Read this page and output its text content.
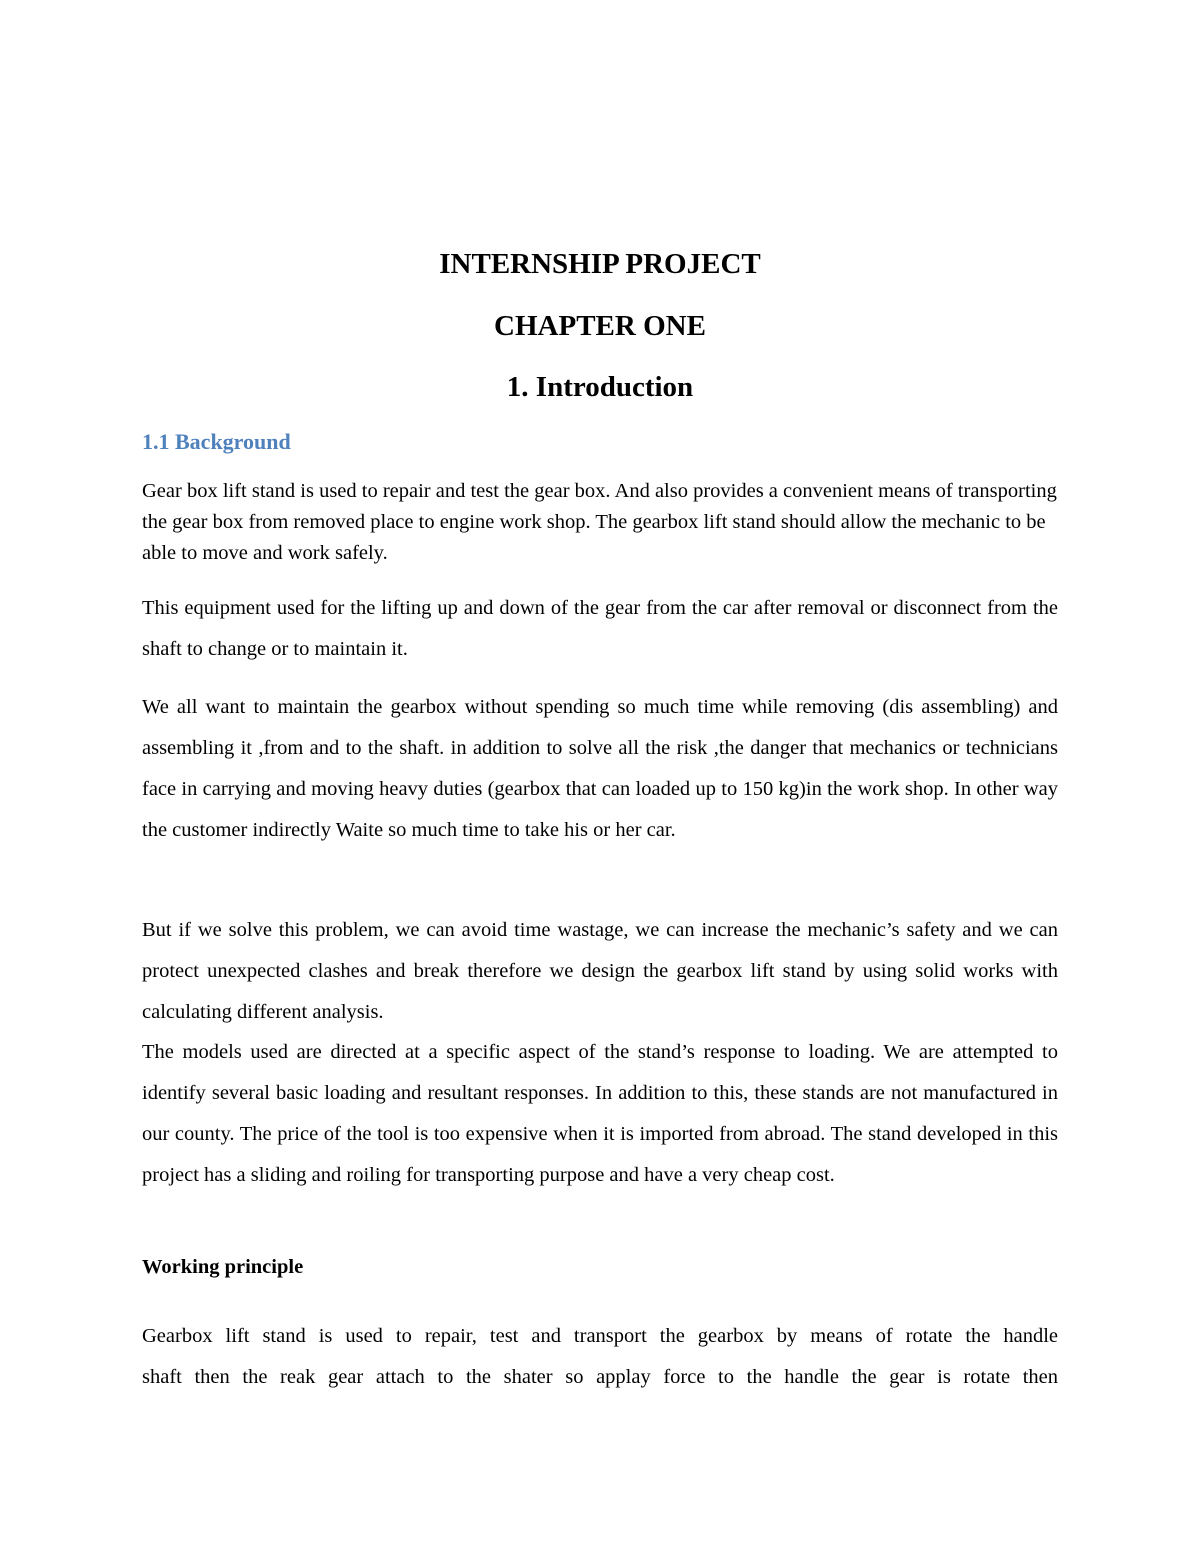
INTERNSHIP PROJECT
CHAPTER ONE
1. Introduction
1.1 Background

Gear box lift stand is used to repair and test the gear box. And also provides a convenient means of transporting the gear box from removed place to engine work shop. The gearbox lift stand should allow the mechanic to be able to move and work safely.

This equipment used for the lifting up and down of the gear from the car after removal or disconnect from the shaft to change or to maintain it.

We all want to maintain the gearbox without spending so much time while removing (dis assembling) and assembling it ,from and to the shaft. in addition to solve all the risk ,the danger that mechanics or technicians face in carrying and moving heavy duties (gearbox that can loaded up to 150 kg)in the work shop. In other way the customer indirectly Waite so much time to take his or her car.

But if we solve this problem, we can avoid time wastage, we can increase the mechanic’s safety and we can protect unexpected clashes and break therefore we design the gearbox lift stand by using solid works with calculating different analysis.

The models used are directed at a specific aspect of the stand’s response to loading. We are attempted to identify several basic loading and resultant responses. In addition to this, these stands are not manufactured in our county. The price of the tool is too expensive when it is imported from abroad. The stand developed in this project has a sliding and roiling for transporting purpose and have a very cheap cost.

Working principle

Gearbox lift stand is used to repair, test and transport the gearbox by means of rotate the handle
shaft then the reak gear attach to the shater so applay force to the handle the gear is rotate then
